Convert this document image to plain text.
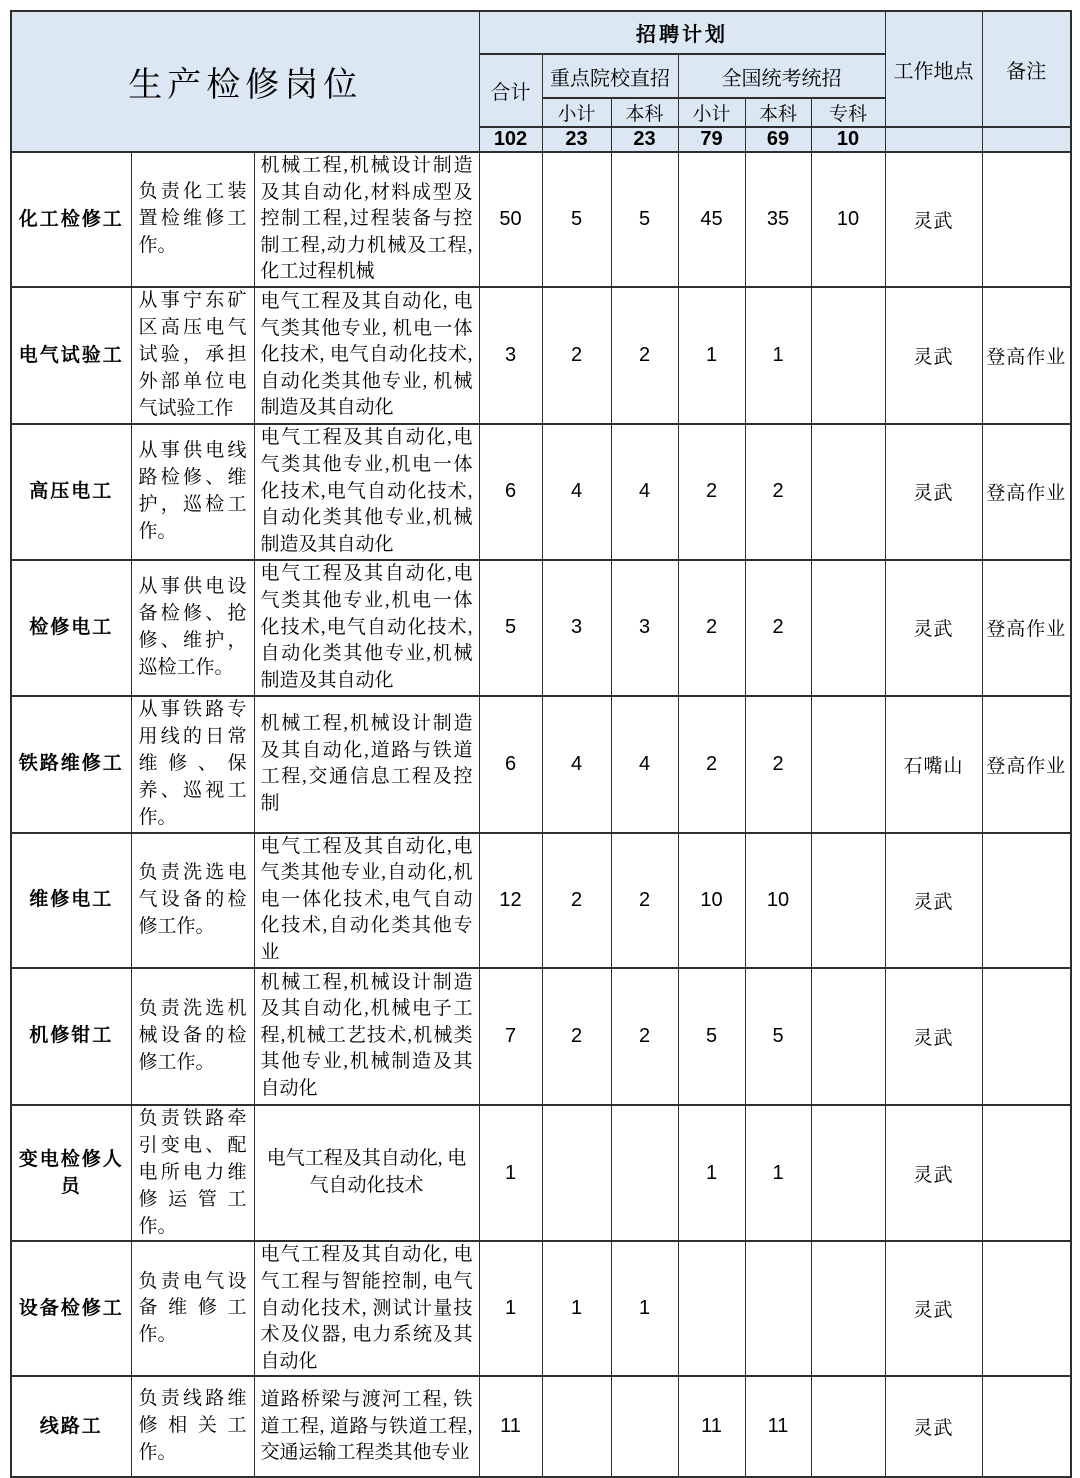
生产检修岗位			招聘计划						工作地点	备注
			合计	重点院校直招		全国统考统招				
				小计	本科	小计	本科	专科		
			102	23	23	79	69	10		
化工检修工	负责化工装置检维修工作。	机械工程,机械设计制造及其自动化,材料成型及控制工程,过程装备与控制工程,动力机械及工程,化工过程机械	50	5	5	45	35	10	灵武	
电气试验工	从事宁东矿区高压电气试验，承担外部单位电气试验工作	电气工程及其自动化, 电气类其他专业, 机电一体化技术, 电气自动化技术, 自动化类其他专业, 机械制造及其自动化	3	2	2	1	1		灵武	登高作业
高压电工	从事供电线路检修、维护，巡检工作。	电气工程及其自动化,电气类其他专业,机电一体化技术,电气自动化技术,自动化类其他专业,机械制造及其自动化	6	4	4	2	2		灵武	登高作业
检修电工	从事供电设备检修、抢修、维护，巡检工作。	电气工程及其自动化,电气类其他专业,机电一体化技术,电气自动化技术,自动化类其他专业,机械制造及其自动化	5	3	3	2	2		灵武	登高作业
铁路维修工	从事铁路专用线的日常维修、保养、巡视工作。	机械工程,机械设计制造及其自动化,道路与铁道工程,交通信息工程及控制	6	4	4	2	2		石嘴山	登高作业
维修电工	负责洗选电气设备的检修工作。	电气工程及其自动化,电气类其他专业,自动化,机电一体化技术,电气自动化技术,自动化类其他专业	12	2	2	10	10		灵武	
机修钳工	负责洗选机械设备的检修工作。	机械工程,机械设计制造及其自动化,机械电子工程,机械工艺技术,机械类其他专业,机械制造及其自动化	7	2	2	5	5		灵武	
变电检修人员	负责铁路牵引变电、配电所电力维修运管工作。	电气工程及其自动化, 电气自动化技术	1			1	1		灵武	
设备检修工	负责电气设备维修工作。	电气工程及其自动化, 电气工程与智能控制, 电气自动化技术, 测试计量技术及仪器, 电力系统及其自动化	1	1	1				灵武	
线路工	负责线路维修相关工作。	道路桥梁与渡河工程, 铁道工程, 道路与铁道工程, 交通运输工程类其他专业	11			11	11		灵武	
